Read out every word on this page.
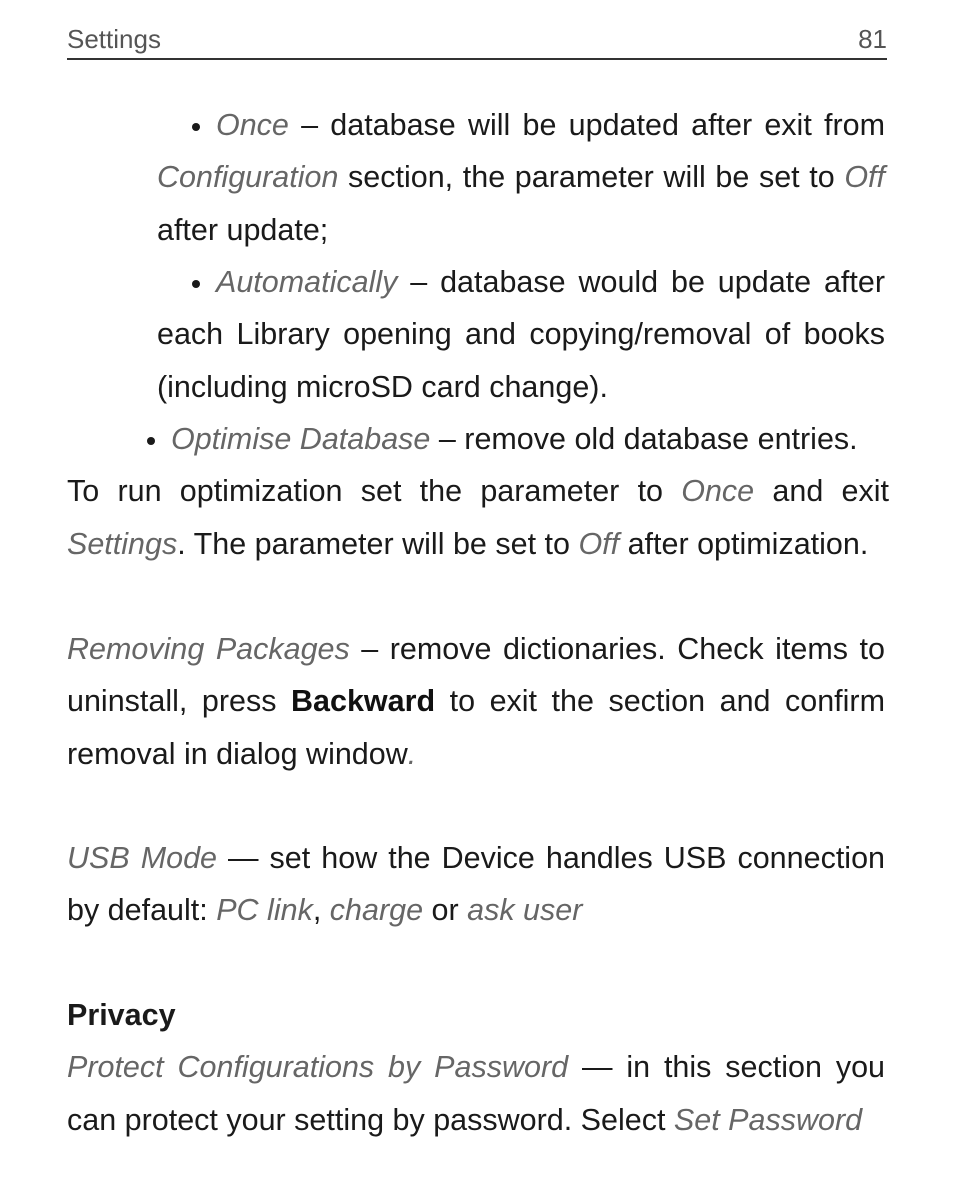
Settings	81
Once – database will be updated after exit from Configuration section, the parameter will be set to Off after update;
Automatically – database would be update after each Library opening and copying/removal of books (including microSD card change).
Optimise Database – remove old database entries.
To run optimization set the parameter to Once and exit Settings. The parameter will be set to Off after optimization.
Removing Packages – remove dictionaries. Check items to uninstall, press Backward to exit the section and confirm removal in dialog window.
USB Mode — set how the Device handles USB connection by default: PC link, charge or ask user
Privacy
Protect Configurations by Password — in this section you can protect your setting by password. Select Set Password
